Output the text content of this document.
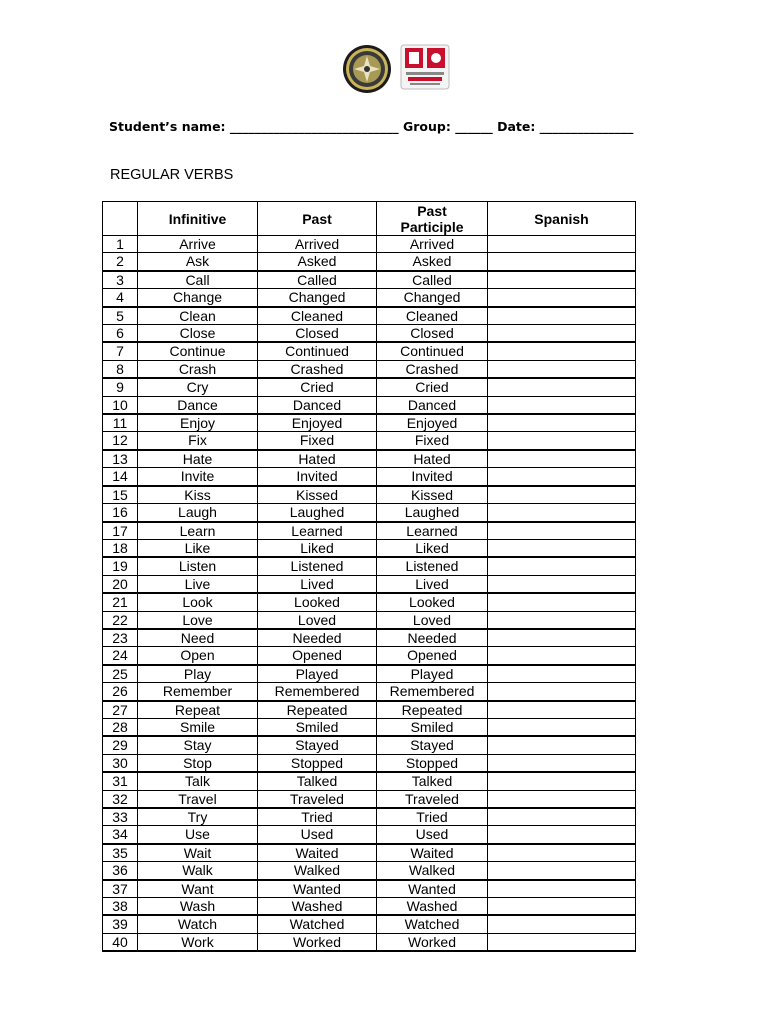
Student’s name: ___________________________ Group: ______ Date: _______________
REGULAR VERBS
	Infinitive	Past	Past Participle	Spanish
1	Arrive	Arrived	Arrived	
2	Ask	Asked	Asked	
3	Call	Called	Called	
4	Change	Changed	Changed	
5	Clean	Cleaned	Cleaned	
6	Close	Closed	Closed	
7	Continue	Continued	Continued	
8	Crash	Crashed	Crashed	
9	Cry	Cried	Cried	
10	Dance	Danced	Danced	
11	Enjoy	Enjoyed	Enjoyed	
12	Fix	Fixed	Fixed	
13	Hate	Hated	Hated	
14	Invite	Invited	Invited	
15	Kiss	Kissed	Kissed	
16	Laugh	Laughed	Laughed	
17	Learn	Learned	Learned	
18	Like	Liked	Liked	
19	Listen	Listened	Listened	
20	Live	Lived	Lived	
21	Look	Looked	Looked	
22	Love	Loved	Loved	
23	Need	Needed	Needed	
24	Open	Opened	Opened	
25	Play	Played	Played	
26	Remember	Remembered	Remembered	
27	Repeat	Repeated	Repeated	
28	Smile	Smiled	Smiled	
29	Stay	Stayed	Stayed	
30	Stop	Stopped	Stopped	
31	Talk	Talked	Talked	
32	Travel	Traveled	Traveled	
33	Try	Tried	Tried	
34	Use	Used	Used	
35	Wait	Waited	Waited	
36	Walk	Walked	Walked	
37	Want	Wanted	Wanted	
38	Wash	Washed	Washed	
39	Watch	Watched	Watched	
40	Work	Worked	Worked	
